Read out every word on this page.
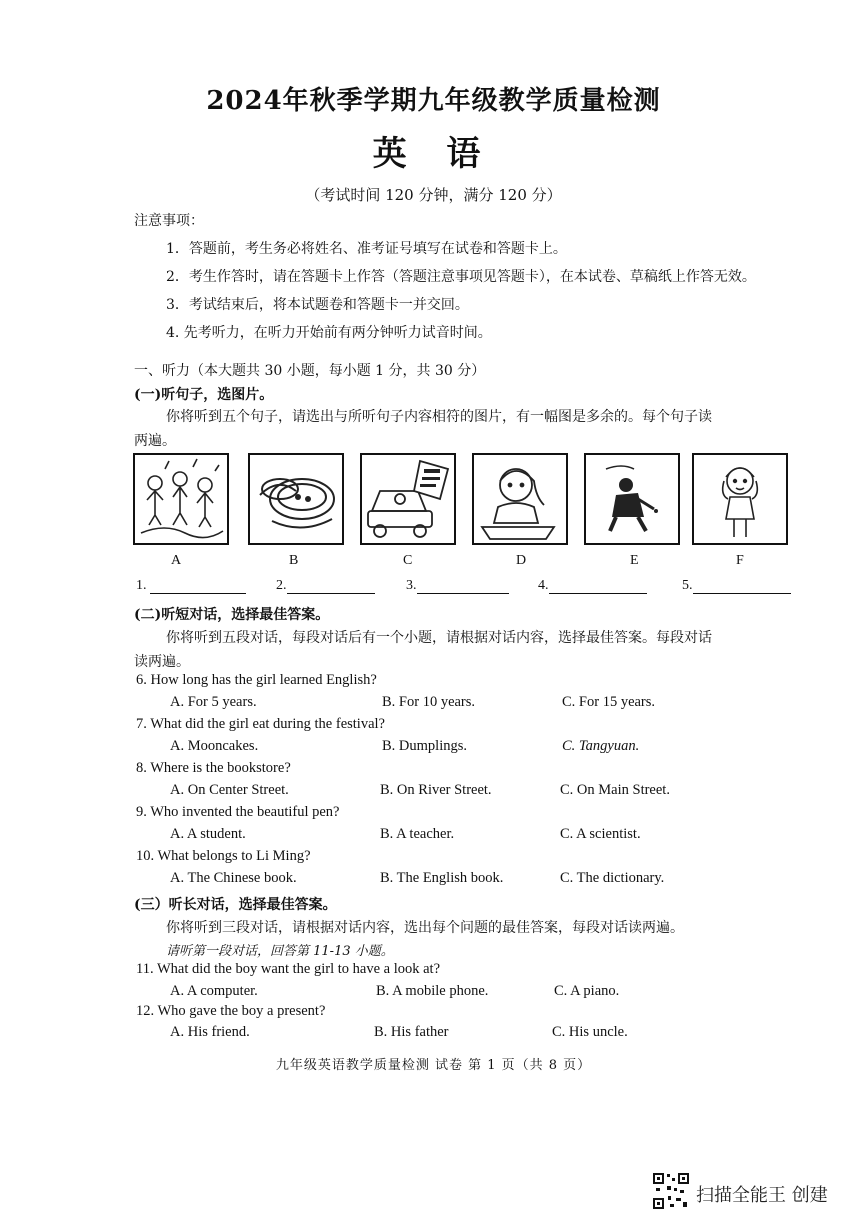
2024年秋季学期九年级教学质量检测
英 语
（考试时间 120 分钟，满分 120 分）
注意事项：
1．答题前，考生务必将姓名、准考证号填写在试卷和答题卡上。
2．考生作答时，请在答题卡上作答（答题注意事项见答题卡），在本试卷、草稿纸上作答无效。
3．考试结束后，将本试题卷和答题卡一并交回。
4. 先考听力，在听力开始前有两分钟听力试音时间。
一、听力（本大题共 30 小题，每小题 1 分，共 30 分）
(一)听句子，选图片。
你将听到五个句子，请选出与所听句子内容相符的图片，有一幅图是多余的。每个句子读
两遍。
A	B	C	D	E	F
1.	2.	3.	4.	5.
(二)听短对话，选择最佳答案。
你将听到五段对话，每段对话后有一个小题，请根据对话内容，选择最佳答案。每段对话
读两遍。
6. How long has the girl learned English?
A. For 5 years.	B. For 10 years.	C. For 15 years.
7. What did the girl eat during the festival?
A. Mooncakes.	B. Dumplings.	C. Tangyuan.
8. Where is the bookstore?
A. On Center Street.	B. On River Street.	C. On Main Street.
9. Who invented the beautiful pen?
A. A student.	B. A teacher.	C. A scientist.
10. What belongs to Li Ming?
A. The Chinese book.	B. The English book.	C. The dictionary.
(三）听长对话，选择最佳答案。
你将听到三段对话，请根据对话内容，选出每个问题的最佳答案，每段对话读两遍。
请听第一段对话，回答第 11-13 小题。
11. What did the boy want the girl to have a look at?
A. A computer.	B. A mobile phone.	C. A piano.
12. Who gave the boy a present?
A. His friend.	B. His father	C. His uncle.
九年级英语教学质量检测 试卷 第 1 页（共 8 页）
扫描全能王 创建
